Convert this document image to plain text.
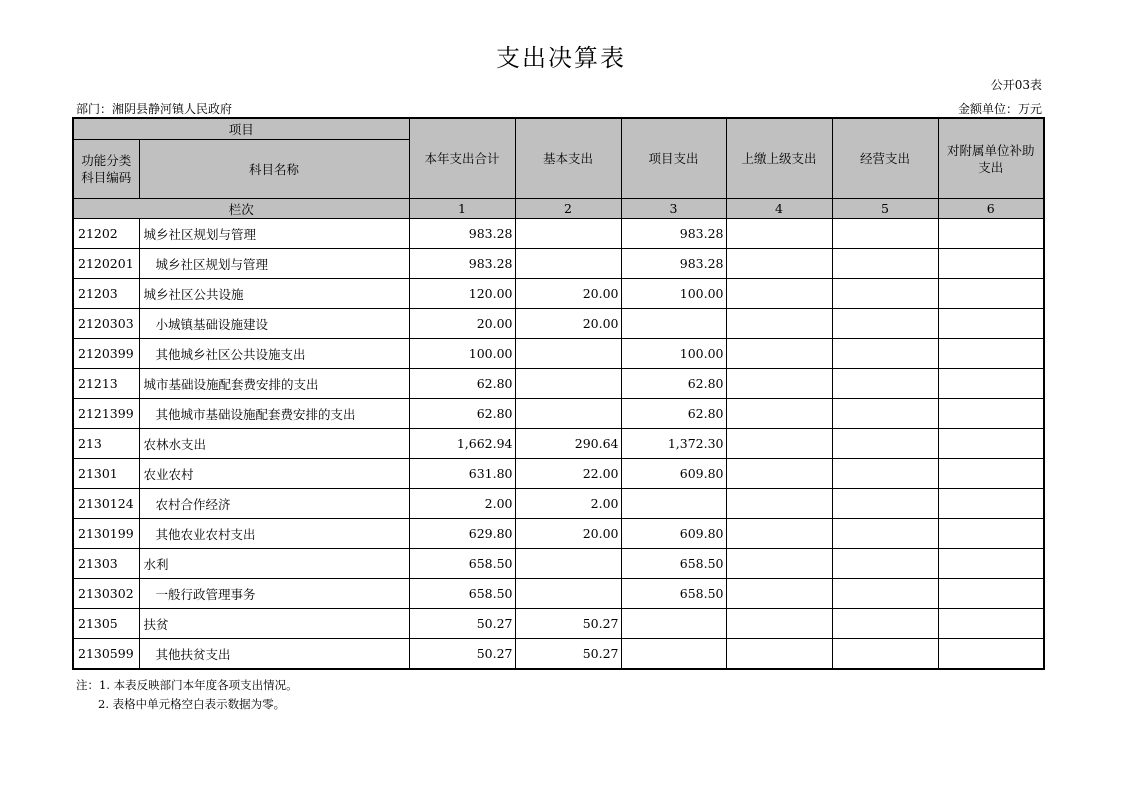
支出决算表
公开03表
部门：湘阴县静河镇人民政府	金额单位：万元
项目		本年支出合计	基本支出	项目支出	上缴上级支出	经营支出	对附属单位补助支出
功能分类科目编码	科目名称						
栏次		1	2	3	4	5	6
21202	城乡社区规划与管理	983.28		983.28			
2120201	城乡社区规划与管理	983.28		983.28			
21203	城乡社区公共设施	120.00	20.00	100.00			
2120303	小城镇基础设施建设	20.00	20.00				
2120399	其他城乡社区公共设施支出	100.00		100.00			
21213	城市基础设施配套费安排的支出	62.80		62.80			
2121399	其他城市基础设施配套费安排的支出	62.80		62.80			
213	农林水支出	1,662.94	290.64	1,372.30			
21301	农业农村	631.80	22.00	609.80			
2130124	农村合作经济	2.00	2.00				
2130199	其他农业农村支出	629.80	20.00	609.80			
21303	水利	658.50		658.50			
2130302	一般行政管理事务	658.50		658.50			
21305	扶贫	50.27	50.27				
2130599	其他扶贫支出	50.27	50.27				
注：1. 本表反映部门本年度各项支出情况。
2. 表格中单元格空白表示数据为零。
